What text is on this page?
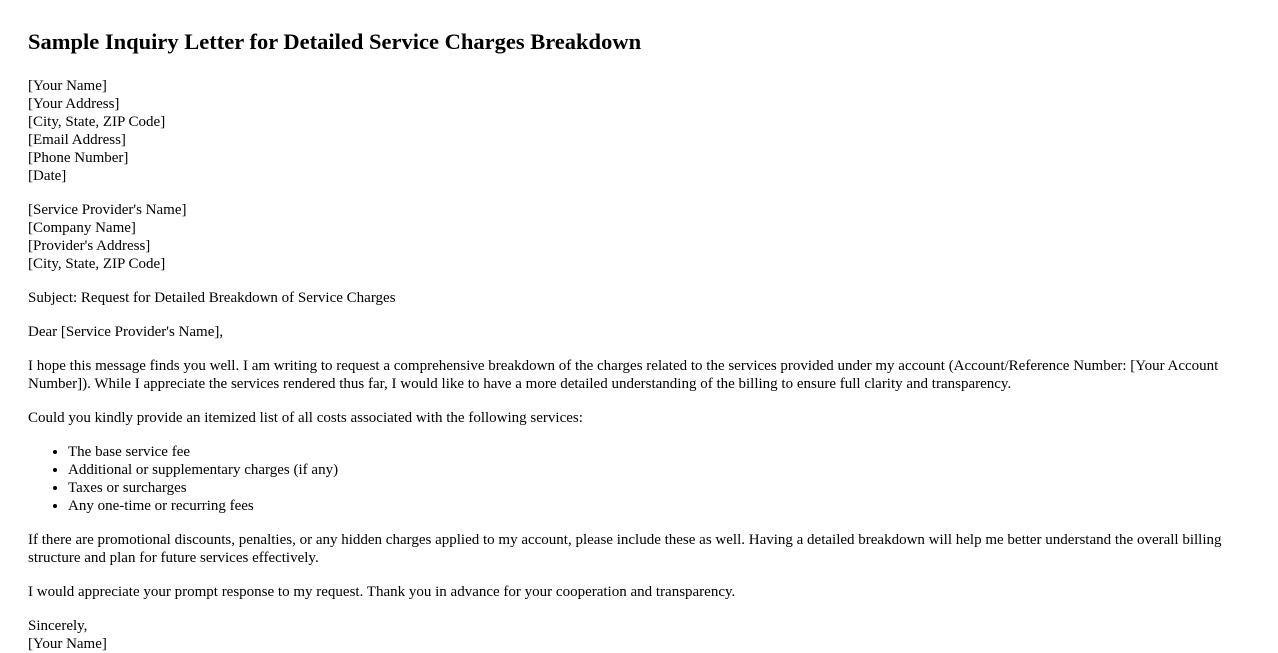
Sample Inquiry Letter for Detailed Service Charges Breakdown
[Your Name]
[Your Address]
[City, State, ZIP Code]
[Email Address]
[Phone Number]
[Date]
[Service Provider's Name]
[Company Name]
[Provider's Address]
[City, State, ZIP Code]

Subject: Request for Detailed Breakdown of Service Charges

Dear [Service Provider's Name],

I hope this message finds you well. I am writing to request a comprehensive breakdown of the charges related to the services provided under my account (Account/Reference Number: [Your Account Number]). While I appreciate the services rendered thus far, I would like to have a more detailed understanding of the billing to ensure full clarity and transparency.

Could you kindly provide an itemized list of all costs associated with the following services:

• The base service fee
• Additional or supplementary charges (if any)
• Taxes or surcharges
• Any one-time or recurring fees

If there are promotional discounts, penalties, or any hidden charges applied to my account, please include these as well. Having a detailed breakdown will help me better understand the overall billing structure and plan for future services effectively.

I would appreciate your prompt response to my request. Thank you in advance for your cooperation and transparency.

Sincerely,
[Your Name]
